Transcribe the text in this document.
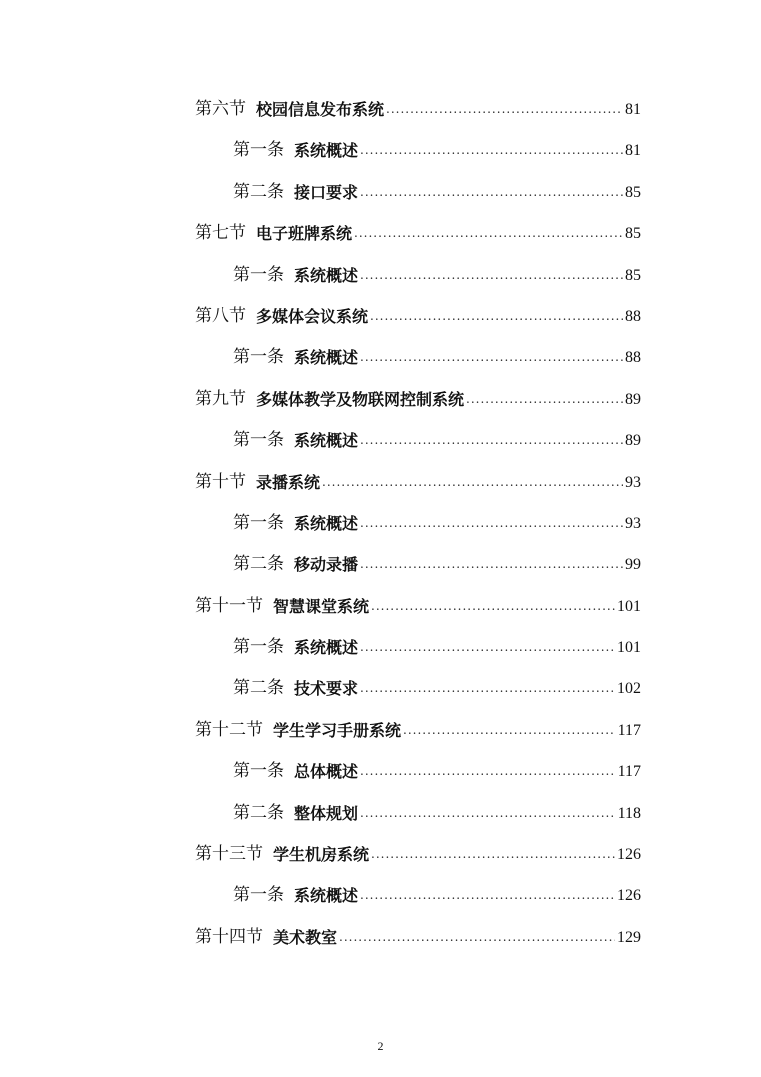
第六节 校园信息发布系统 .....	81
第一条 系统概述 .....	81
第二条 接口要求 .....	85
第七节 电子班牌系统 .....	85
第一条 系统概述 .....	85
第八节 多媒体会议系统 .....	88
第一条 系统概述 .....	88
第九节 多媒体教学及物联网控制系统 .....	89
第一条 系统概述 .....	89
第十节 录播系统 .....	93
第一条 系统概述 .....	93
第二条 移动录播 .....	99
第十一节 智慧课堂系统 .....	101
第一条 系统概述 .....	101
第二条 技术要求 .....	102
第十二节 学生学习手册系统 .....	117
第一条 总体概述 .....	117
第二条 整体规划 .....	118
第十三节 学生机房系统 .....	126
第一条 系统概述 .....	126
第十四节 美术教室 .....	129
2
